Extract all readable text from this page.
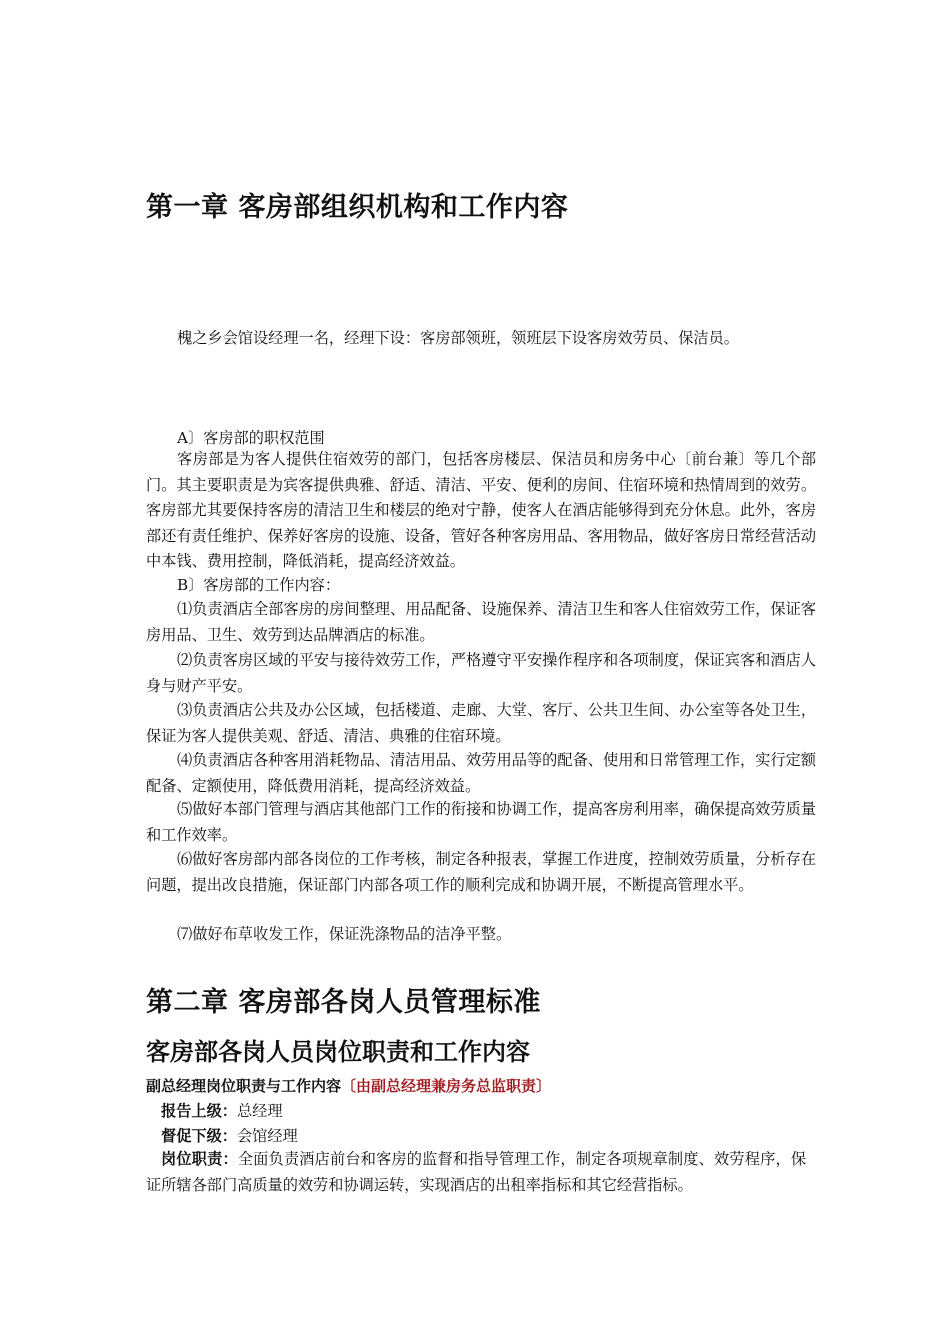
第一章 客房部组织机构和工作内容
槐之乡会馆设经理一名，经理下设：客房部领班，领班层下设客房效劳员、保洁员。
A〕客房部的职权范围
客房部是为客人提供住宿效劳的部门，包括客房楼层、保洁员和房务中心〔前台兼〕等几个部门。其主要职责是为宾客提供典雅、舒适、清洁、平安、便利的房间、住宿环境和热情周到的效劳。客房部尤其要保持客房的清洁卫生和楼层的绝对宁静，使客人在酒店能够得到充分休息。此外，客房部还有责任维护、保养好客房的设施、设备，管好各种客房用品、客用物品，做好客房日常经营活动中本钱、费用控制，降低消耗，提高经济效益。
B〕客房部的工作内容：
⑴负责酒店全部客房的房间整理、用品配备、设施保养、清洁卫生和客人住宿效劳工作，保证客房用品、卫生、效劳到达品牌酒店的标准。
⑵负责客房区域的平安与接待效劳工作，严格遵守平安操作程序和各项制度，保证宾客和酒店人身与财产平安。
⑶负责酒店公共及办公区域，包括楼道、走廊、大堂、客厅、公共卫生间、办公室等各处卫生，保证为客人提供美观、舒适、清洁、典雅的住宿环境。
⑷负责酒店各种客用消耗物品、清洁用品、效劳用品等的配备、使用和日常管理工作，实行定额配备、定额使用，降低费用消耗，提高经济效益。
⑸做好本部门管理与酒店其他部门工作的衔接和协调工作，提高客房利用率，确保提高效劳质量和工作效率。
⑹做好客房部内部各岗位的工作考核，制定各种报表，掌握工作进度，控制效劳质量，分析存在问题，提出改良措施，保证部门内部各项工作的顺利完成和协调开展，不断提高管理水平。
⑺做好布草收发工作，保证洗涤物品的洁净平整。
第二章 客房部各岗人员管理标准
客房部各岗人员岗位职责和工作内容
副总经理岗位职责与工作内容〔由副总经理兼房务总监职责〕
报告上级：总经理
督促下级：会馆经理
岗位职责：全面负责酒店前台和客房的监督和指导管理工作，制定各项规章制度、效劳程序，保证所辖各部门高质量的效劳和协调运转，实现酒店的出租率指标和其它经营指标。
